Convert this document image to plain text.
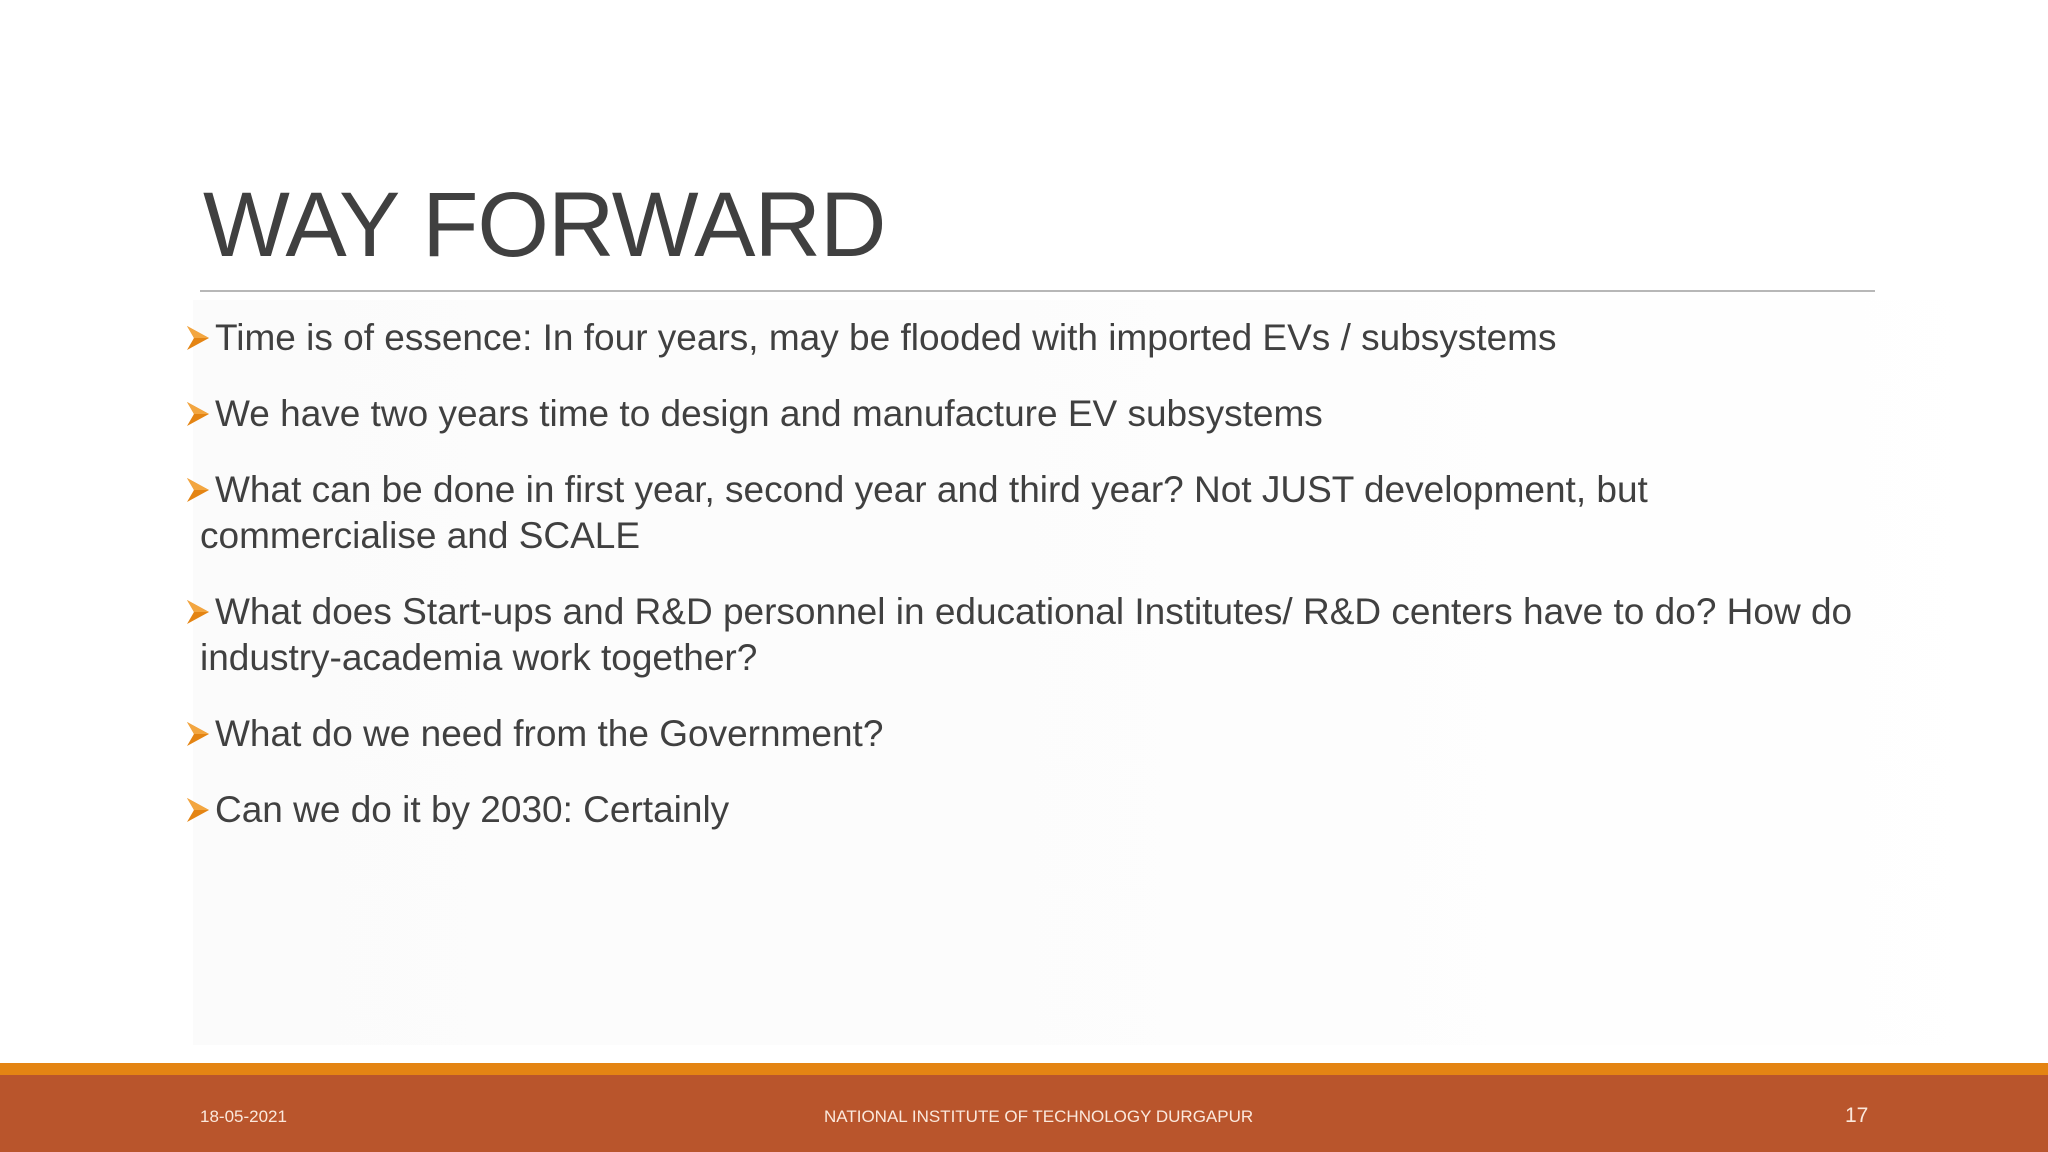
WAY FORWARD
Time is of essence: In four years, may be flooded with imported EVs / subsystems
We have two years time to design and manufacture EV subsystems
What can be done in first year, second year and third year? Not JUST development, but commercialise and SCALE
What does Start-ups and R&D personnel in educational Institutes/ R&D centers have to do? How do industry-academia work together?
What do we need from the Government?
Can we do it by 2030: Certainly
18-05-2021	NATIONAL INSTITUTE OF TECHNOLOGY DURGAPUR	17
